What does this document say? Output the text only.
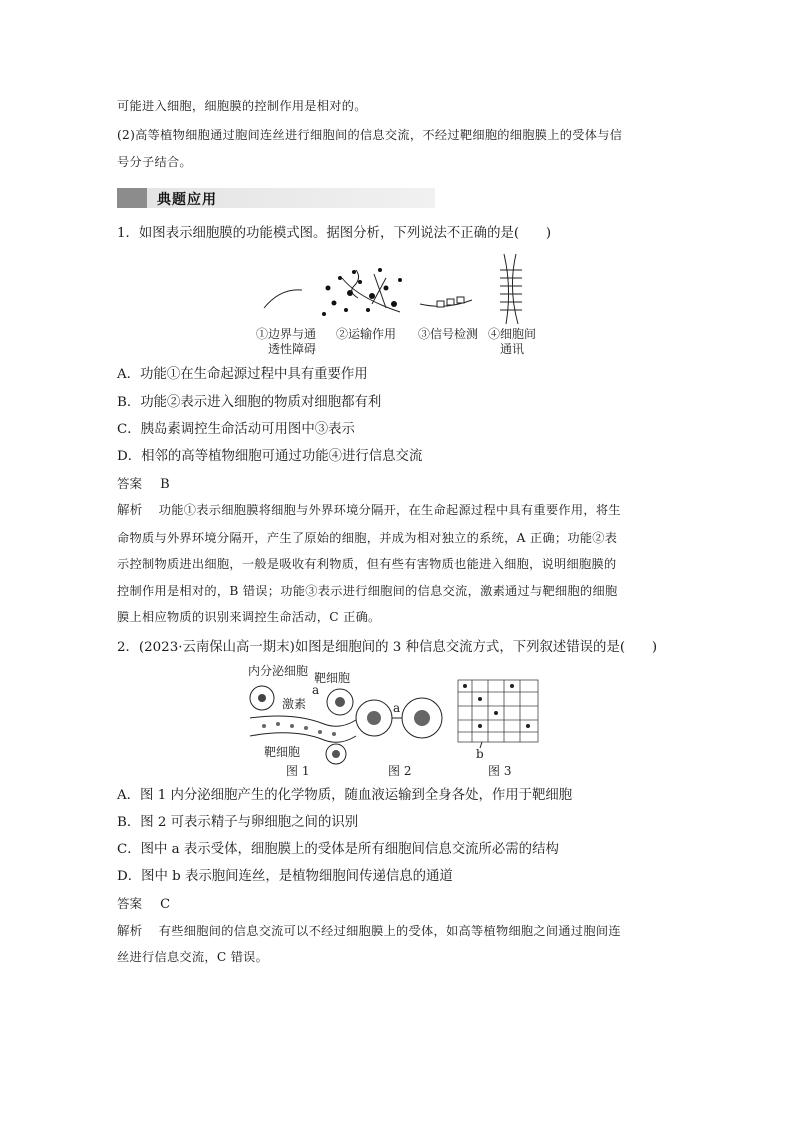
可能进入细胞，细胞膜的控制作用是相对的。
(2)高等植物细胞通过胞间连丝进行细胞间的信息交流，不经过靶细胞的细胞膜上的受体与信
号分子结合。
典题应用
1．如图表示细胞膜的功能模式图。据图分析，下列说法不正确的是(　　)
①边界与通
透性障碍
②运输作用 ③信号检测 ④细胞间
通讯
A．功能①在生命起源过程中具有重要作用
B．功能②表示进入细胞的物质对细胞都有利
C．胰岛素调控生命活动可用图中③表示
D．相邻的高等植物细胞可通过功能④进行信息交流
答案 B
解析 功能①表示细胞膜将细胞与外界环境分隔开，在生命起源过程中具有重要作用，将生
命物质与外界环境分隔开，产生了原始的细胞，并成为相对独立的系统，A 正确；功能②表
示控制物质进出细胞，一般是吸收有利物质，但有些有害物质也能进入细胞，说明细胞膜的
控制作用是相对的，B 错误；功能③表示进行细胞间的信息交流，激素通过与靶细胞的细胞
膜上相应物质的识别来调控生命活动，C 正确。
2．(2023·云南保山高一期末)如图是细胞间的 3 种信息交流方式，下列叙述错误的是(　　)
内分泌细胞 靶细胞
激素
a
靶细胞
a
b
图 1	图 2	图 3
A．图 1 内分泌细胞产生的化学物质，随血液运输到全身各处，作用于靶细胞
B．图 2 可表示精子与卵细胞之间的识别
C．图中 a 表示受体，细胞膜上的受体是所有细胞间信息交流所必需的结构
D．图中 b 表示胞间连丝，是植物细胞间传递信息的通道
答案 C
解析 有些细胞间的信息交流可以不经过细胞膜上的受体，如高等植物细胞之间通过胞间连
丝进行信息交流，C 错误。
